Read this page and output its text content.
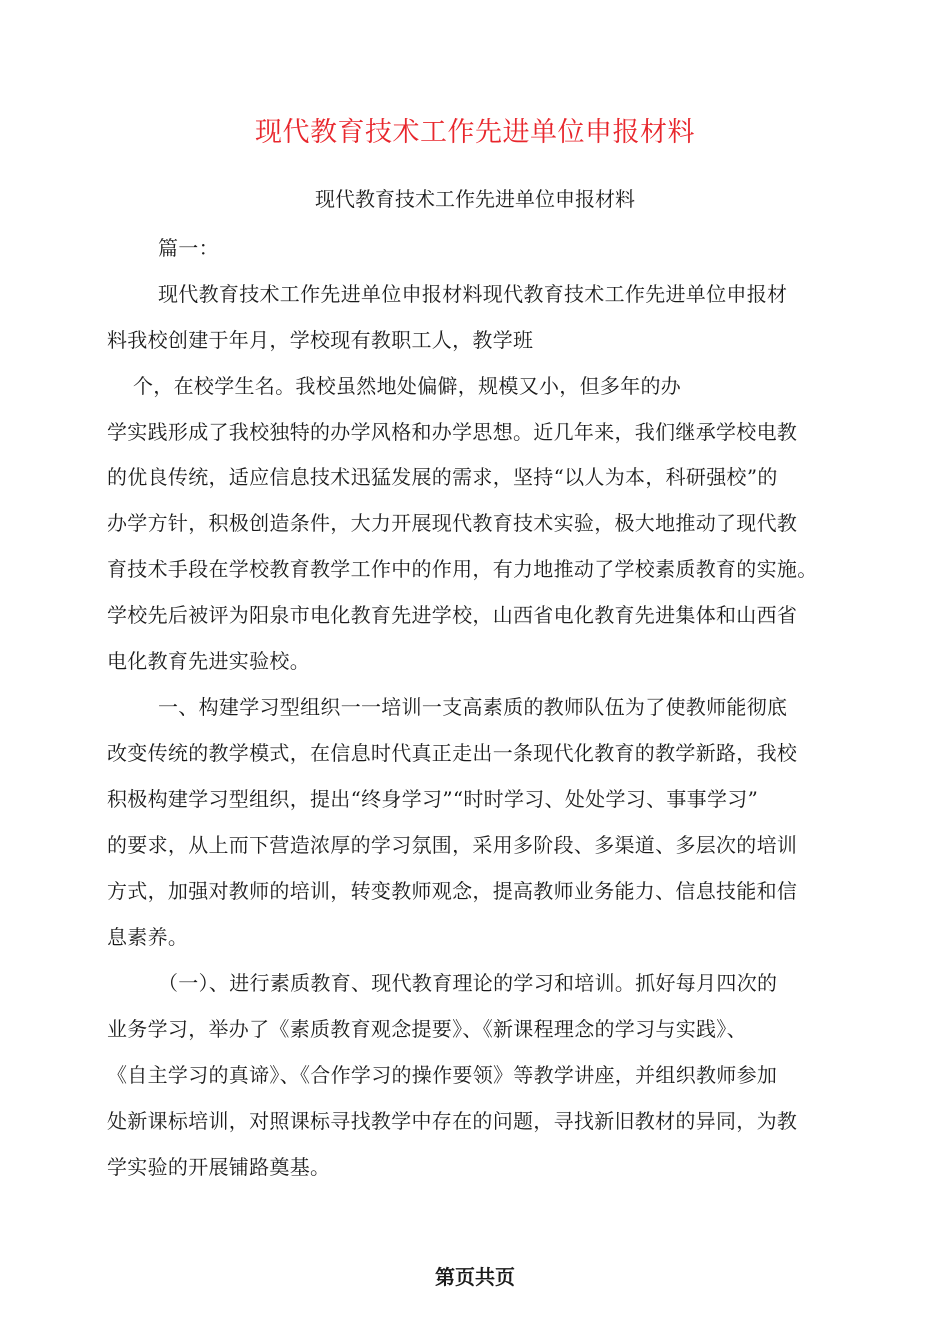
现代教育技术工作先进单位申报材料
现代教育技术工作先进单位申报材料
篇一：
现代教育技术工作先进单位申报材料现代教育技术工作先进单位申报材
料我校创建于年月，学校现有教职工人，教学班
个，在校学生名。我校虽然地处偏僻，规模又小，但多年的办
学实践形成了我校独特的办学风格和办学思想。近几年来，我们继承学校电教
的优良传统，适应信息技术迅猛发展的需求，坚持“以人为本，科研强校”的
办学方针，积极创造条件，大力开展现代教育技术实验，极大地推动了现代教
育技术手段在学校教育教学工作中的作用，有力地推动了学校素质教育的实施。
学校先后被评为阳泉市电化教育先进学校，山西省电化教育先进集体和山西省
电化教育先进实验校。
一、构建学习型组织一一培训一支高素质的教师队伍为了使教师能彻底
改变传统的教学模式，在信息时代真正走出一条现代化教育的教学新路，我校
积极构建学习型组织，提出“终身学习”“时时学习、处处学习、事事学习”
的要求，从上而下营造浓厚的学习氛围，采用多阶段、多渠道、多层次的培训
方式，加强对教师的培训，转变教师观念，提高教师业务能力、信息技能和信
息素养。
（一）、进行素质教育、现代教育理论的学习和培训。抓好每月四次的
业务学习，举办了《素质教育观念提要》、《新课程理念的学习与实践》、
《自主学习的真谛》、《合作学习的操作要领》等教学讲座，并组织教师参加
处新课标培训，对照课标寻找教学中存在的问题，寻找新旧教材的异同，为教
学实验的开展铺路奠基。
第页共页
